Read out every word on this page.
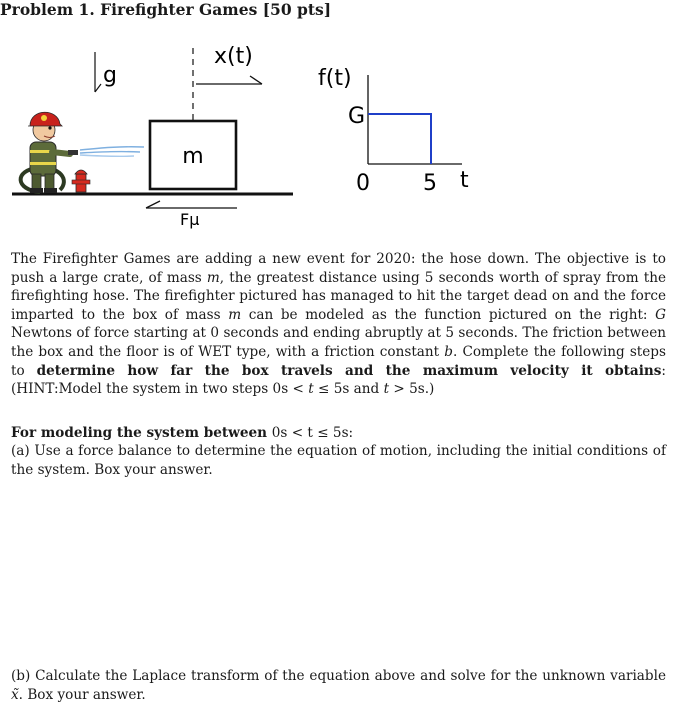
Problem 1. Firefighter Games [50 pts]
g
x(t)
m
Fμ
f(t)
G
0 5 t
The Firefighter Games are adding a new event for 2020: the hose down. The objective is to push a large crate, of mass m, the greatest distance using 5 seconds worth of spray from the firefighting hose. The firefighter pictured has managed to hit the target dead on and the force imparted to the box of mass m can be modeled as the function pictured on the right: G Newtons of force starting at 0 seconds and ending abruptly at 5 seconds. The friction between the box and the floor is of WET type, with a friction constant b. Complete the following steps to determine how far the box travels and the maximum velocity it obtains: (HINT:Model the system in two steps 0s < t ≤ 5s and t > 5s.)
For modeling the system between 0s < t ≤ 5s:
(a) Use a force balance to determine the equation of motion, including the initial conditions of the system. Box your answer.
(b) Calculate the Laplace transform of the equation above and solve for the unknown variable x̃. Box your answer.
